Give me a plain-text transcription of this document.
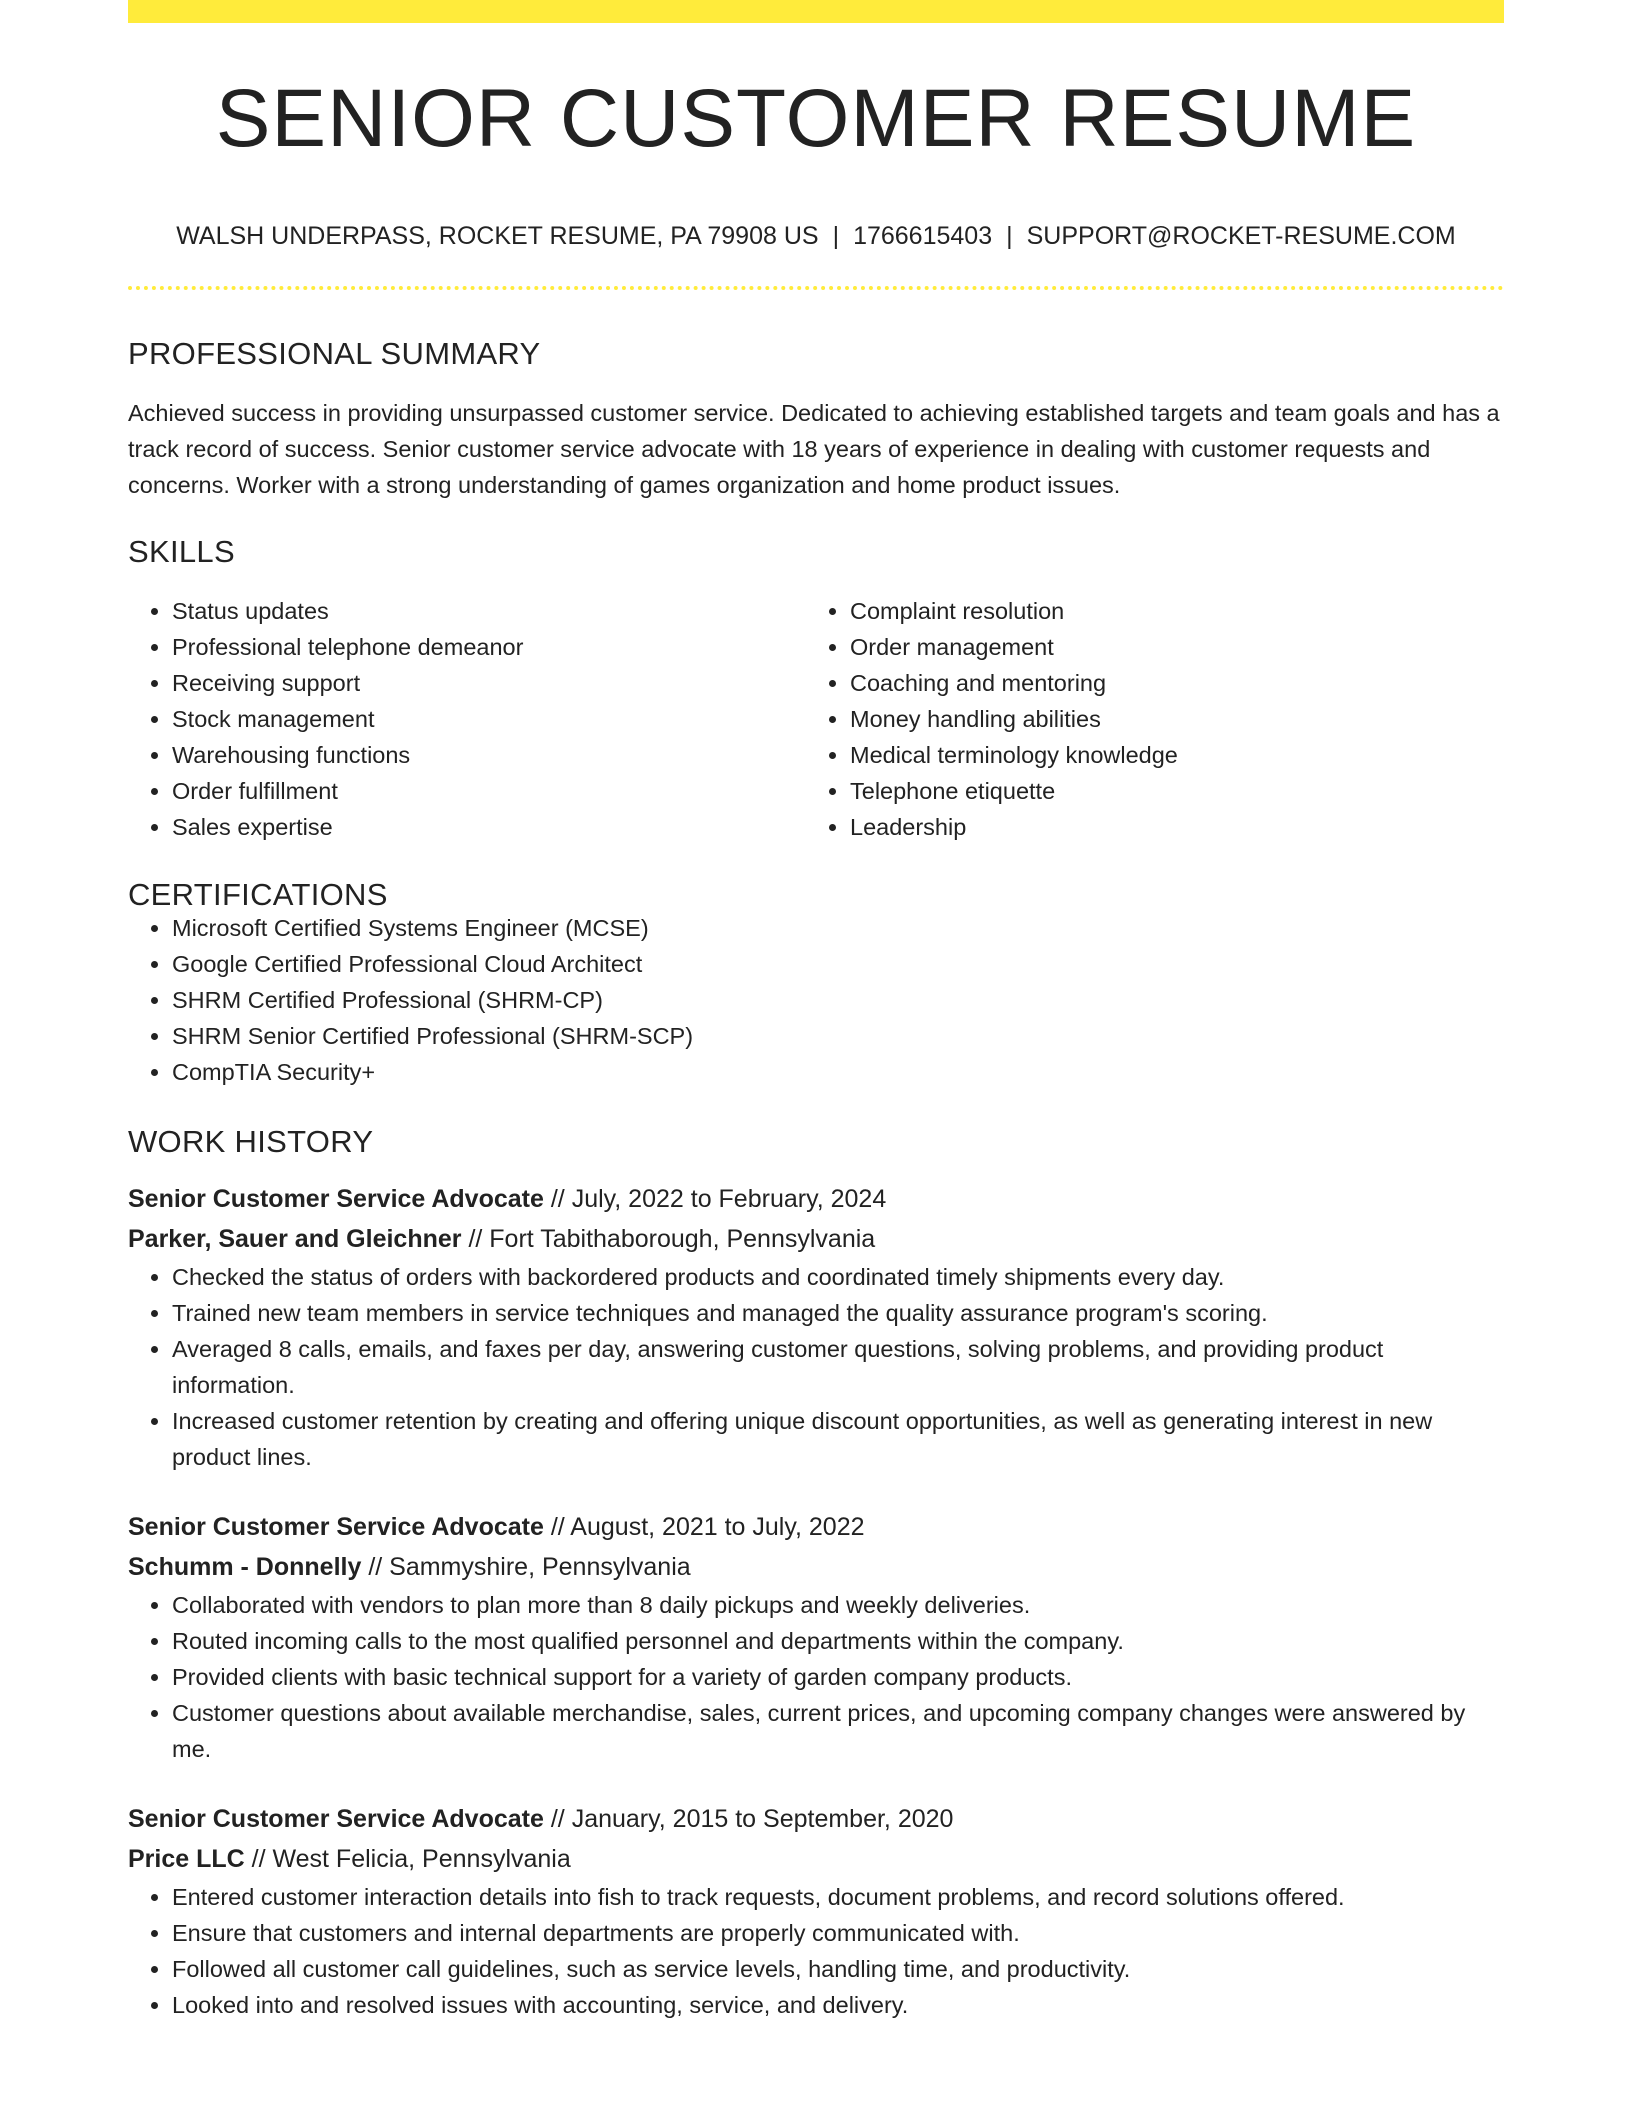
SENIOR CUSTOMER RESUME
WALSH UNDERPASS, ROCKET RESUME, PA 79908 US | 1766615403 | SUPPORT@ROCKET-RESUME.COM
PROFESSIONAL SUMMARY

Achieved success in providing unsurpassed customer service. Dedicated to achieving established targets and team goals and has a track record of success. Senior customer service advocate with 18 years of experience in dealing with customer requests and concerns. Worker with a strong understanding of games organization and home product issues.

SKILLS
• Status updates
• Professional telephone demeanor
• Receiving support
• Stock management
• Warehousing functions
• Order fulfillment
• Sales expertise
• Complaint resolution
• Order management
• Coaching and mentoring
• Money handling abilities
• Medical terminology knowledge
• Telephone etiquette
• Leadership
CERTIFICATIONS
• Microsoft Certified Systems Engineer (MCSE)
• Google Certified Professional Cloud Architect
• SHRM Certified Professional (SHRM-CP)
• SHRM Senior Certified Professional (SHRM-SCP)
• CompTIA Security+
WORK HISTORY
Senior Customer Service Advocate // July, 2022 to February, 2024
Parker, Sauer and Gleichner // Fort Tabithaborough, Pennsylvania
• Checked the status of orders with backordered products and coordinated timely shipments every day.
• Trained new team members in service techniques and managed the quality assurance program's scoring.
• Averaged 8 calls, emails, and faxes per day, answering customer questions, solving problems, and providing product information.
• Increased customer retention by creating and offering unique discount opportunities, as well as generating interest in new product lines.
Senior Customer Service Advocate // August, 2021 to July, 2022
Schumm - Donnelly // Sammyshire, Pennsylvania
• Collaborated with vendors to plan more than 8 daily pickups and weekly deliveries.
• Routed incoming calls to the most qualified personnel and departments within the company.
• Provided clients with basic technical support for a variety of garden company products.
• Customer questions about available merchandise, sales, current prices, and upcoming company changes were answered by me.
Senior Customer Service Advocate // January, 2015 to September, 2020
Price LLC // West Felicia, Pennsylvania
• Entered customer interaction details into fish to track requests, document problems, and record solutions offered.
• Ensure that customers and internal departments are properly communicated with.
• Followed all customer call guidelines, such as service levels, handling time, and productivity.
• Looked into and resolved issues with accounting, service, and delivery.
